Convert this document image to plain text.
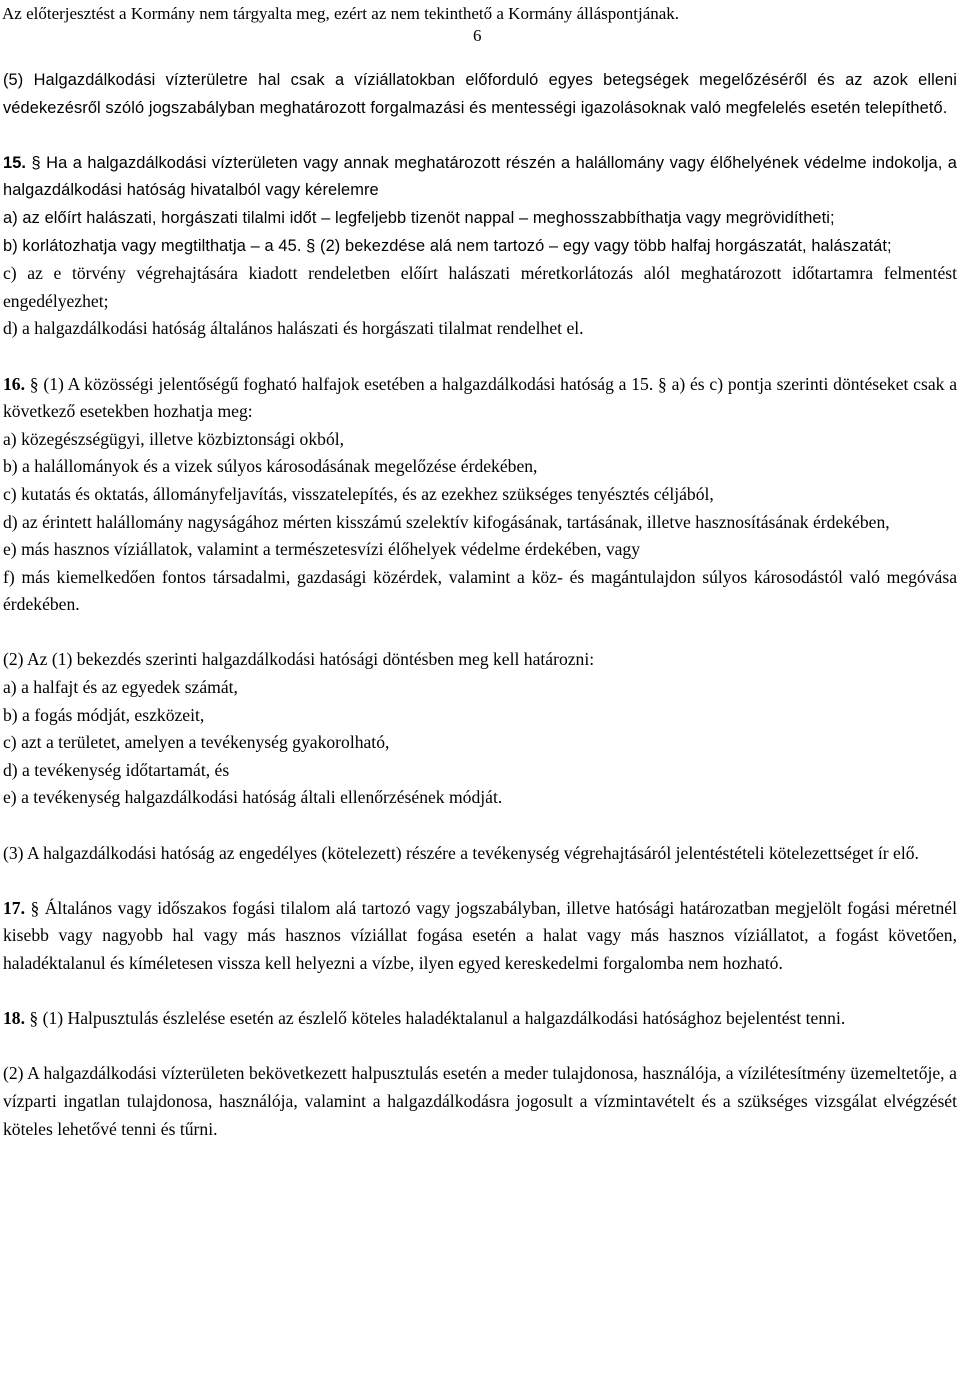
Az előterjesztést a Kormány nem tárgyalta meg, ezért az nem tekinthető a Kormány álláspontjának.
6

(5) Halgazdálkodási vízterületre hal csak a víziállatokban előforduló egyes betegségek megelőzéséről és az azok elleni védekezésről szóló jogszabályban meghatározott forgalmazási és mentességi igazolásoknak való megfelelés esetén telepíthető.

15. § Ha a halgazdálkodási vízterületen vagy annak meghatározott részén a halállomány vagy élőhelyének védelme indokolja, a halgazdálkodási hatóság hivatalból vagy kérelemre

a) az előírt halászati, horgászati tilalmi időt – legfeljebb tizenöt nappal – meghosszabbíthatja vagy megrövidítheti;

b) korlátozhatja vagy megtilthatja – a 45. § (2) bekezdése alá nem tartozó – egy vagy több halfaj horgászatát, halászatát;

c) az e törvény végrehajtására kiadott rendeletben előírt halászati méretkorlátozás alól meghatározott időtartamra felmentést engedélyezhet;

d) a halgazdálkodási hatóság általános halászati és horgászati tilalmat rendelhet el.

16. § (1) A közösségi jelentőségű fogható halfajok esetében a halgazdálkodási hatóság a 15. § a) és c) pontja szerinti döntéseket csak a következő esetekben hozhatja meg:

a) közegészségügyi, illetve közbiztonsági okból,

b) a halállományok és a vizek súlyos károsodásának megelőzése érdekében,

c) kutatás és oktatás, állományfeljavítás, visszatelepítés, és az ezekhez szükséges tenyésztés céljából,

d) az érintett halállomány nagyságához mérten kisszámú szelektív kifogásának, tartásának, illetve hasznosításának érdekében,

e) más hasznos víziállatok, valamint a természetesvízi élőhelyek védelme érdekében, vagy

f) más kiemelkedően fontos társadalmi, gazdasági közérdek, valamint a köz- és magántulajdon súlyos károsodástól való megóvása érdekében.

(2) Az (1) bekezdés szerinti halgazdálkodási hatósági döntésben meg kell határozni:

a) a halfajt és az egyedek számát,

b) a fogás módját, eszközeit,

c) azt a területet, amelyen a tevékenység gyakorolható,

d) a tevékenység időtartamát, és

e) a tevékenység halgazdálkodási hatóság általi ellenőrzésének módját.

(3) A halgazdálkodási hatóság az engedélyes (kötelezett) részére a tevékenység végrehajtásáról jelentéstételi kötelezettséget ír elő.

17. § Általános vagy időszakos fogási tilalom alá tartozó vagy jogszabályban, illetve hatósági határozatban megjelölt fogási méretnél kisebb vagy nagyobb hal vagy más hasznos víziállat fogása esetén a halat vagy más hasznos víziállatot, a fogást követően, haladéktalanul és kíméletesen vissza kell helyezni a vízbe, ilyen egyed kereskedelmi forgalomba nem hozható.

18. § (1) Halpusztulás észlelése esetén az észlelő köteles haladéktalanul a halgazdálkodási hatósághoz bejelentést tenni.

(2) A halgazdálkodási vízterületen bekövetkezett halpusztulás esetén a meder tulajdonosa, használója, a vízilétesítmény üzemeltetője, a vízparti ingatlan tulajdonosa, használója, valamint a halgazdálkodásra jogosult a vízmintavételt és a szükséges vizsgálat elvégzését köteles lehetővé tenni és tűrni.
